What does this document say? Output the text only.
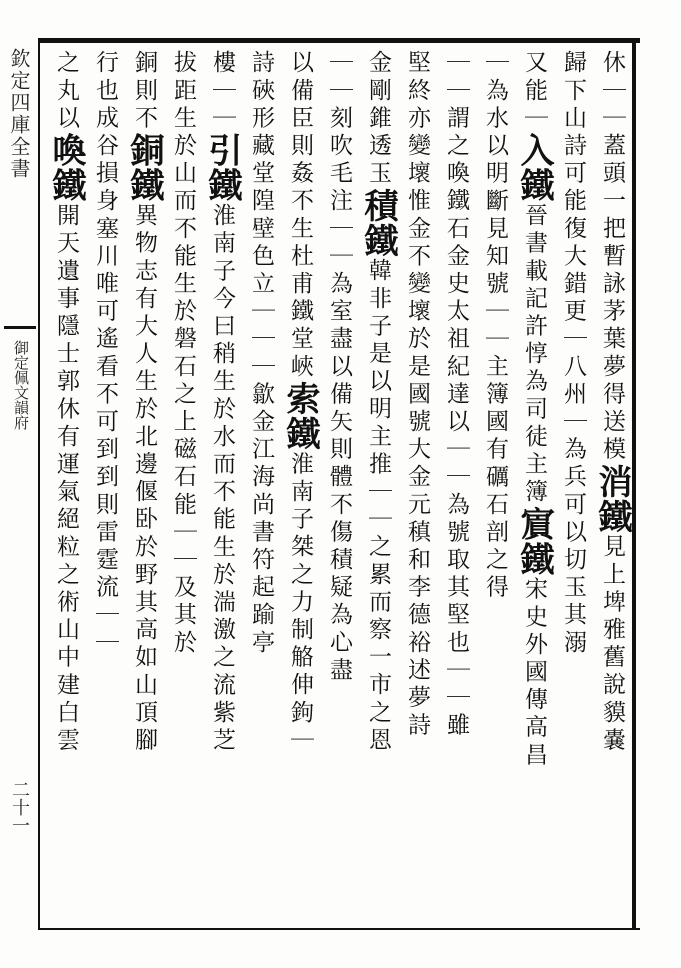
欽定四庫全書
御定佩文韻府
二十一
休｜｜蓋頭一把暫詠茅葉夢得送模消鐵見上埤雅舊說貘嚢
歸下山詩可能復大錯更｜八州｜為兵可以切玉其溺
又能｜入鐵晉書載記許惇為司徒主簿賔鐵宋史外國傳高昌
｜為水以明斷見知號｜｜主簿國有礪石剖之得
｜｜謂之喚鐵石金史太祖紀達以｜｜為號取其堅也｜｜雖
堅終亦變壞惟金不變壞於是國號大金元稹和李德裕述夢詩
金剛錐透玉積鐵韓非子是以明主推｜｜之累而察一市之恩
｜｜刻吹毛注｜｜為室盡以備矢則體不傷積疑為心盡
以備臣則姦不生杜甫鐵堂峽索鐵淮南子桀之力制觡伸鉤｜
詩硤形藏堂隍壁色立｜｜｜歙金江海尚書符起踰亭
樓｜｜引鐵淮南子今曰稍生於水而不能生於湍激之流紫芝
拔距生於山而不能生於磐石之上磁石能｜｜及其於
銅則不銅鐵異物志有大人生於北邊偃卧於野其高如山頂腳
行也成谷損身塞川唯可遙看不可到到則雷霆流｜｜
之丸以喚鐵開天遺事隱士郭休有運氣絕粒之術山中建白雲
